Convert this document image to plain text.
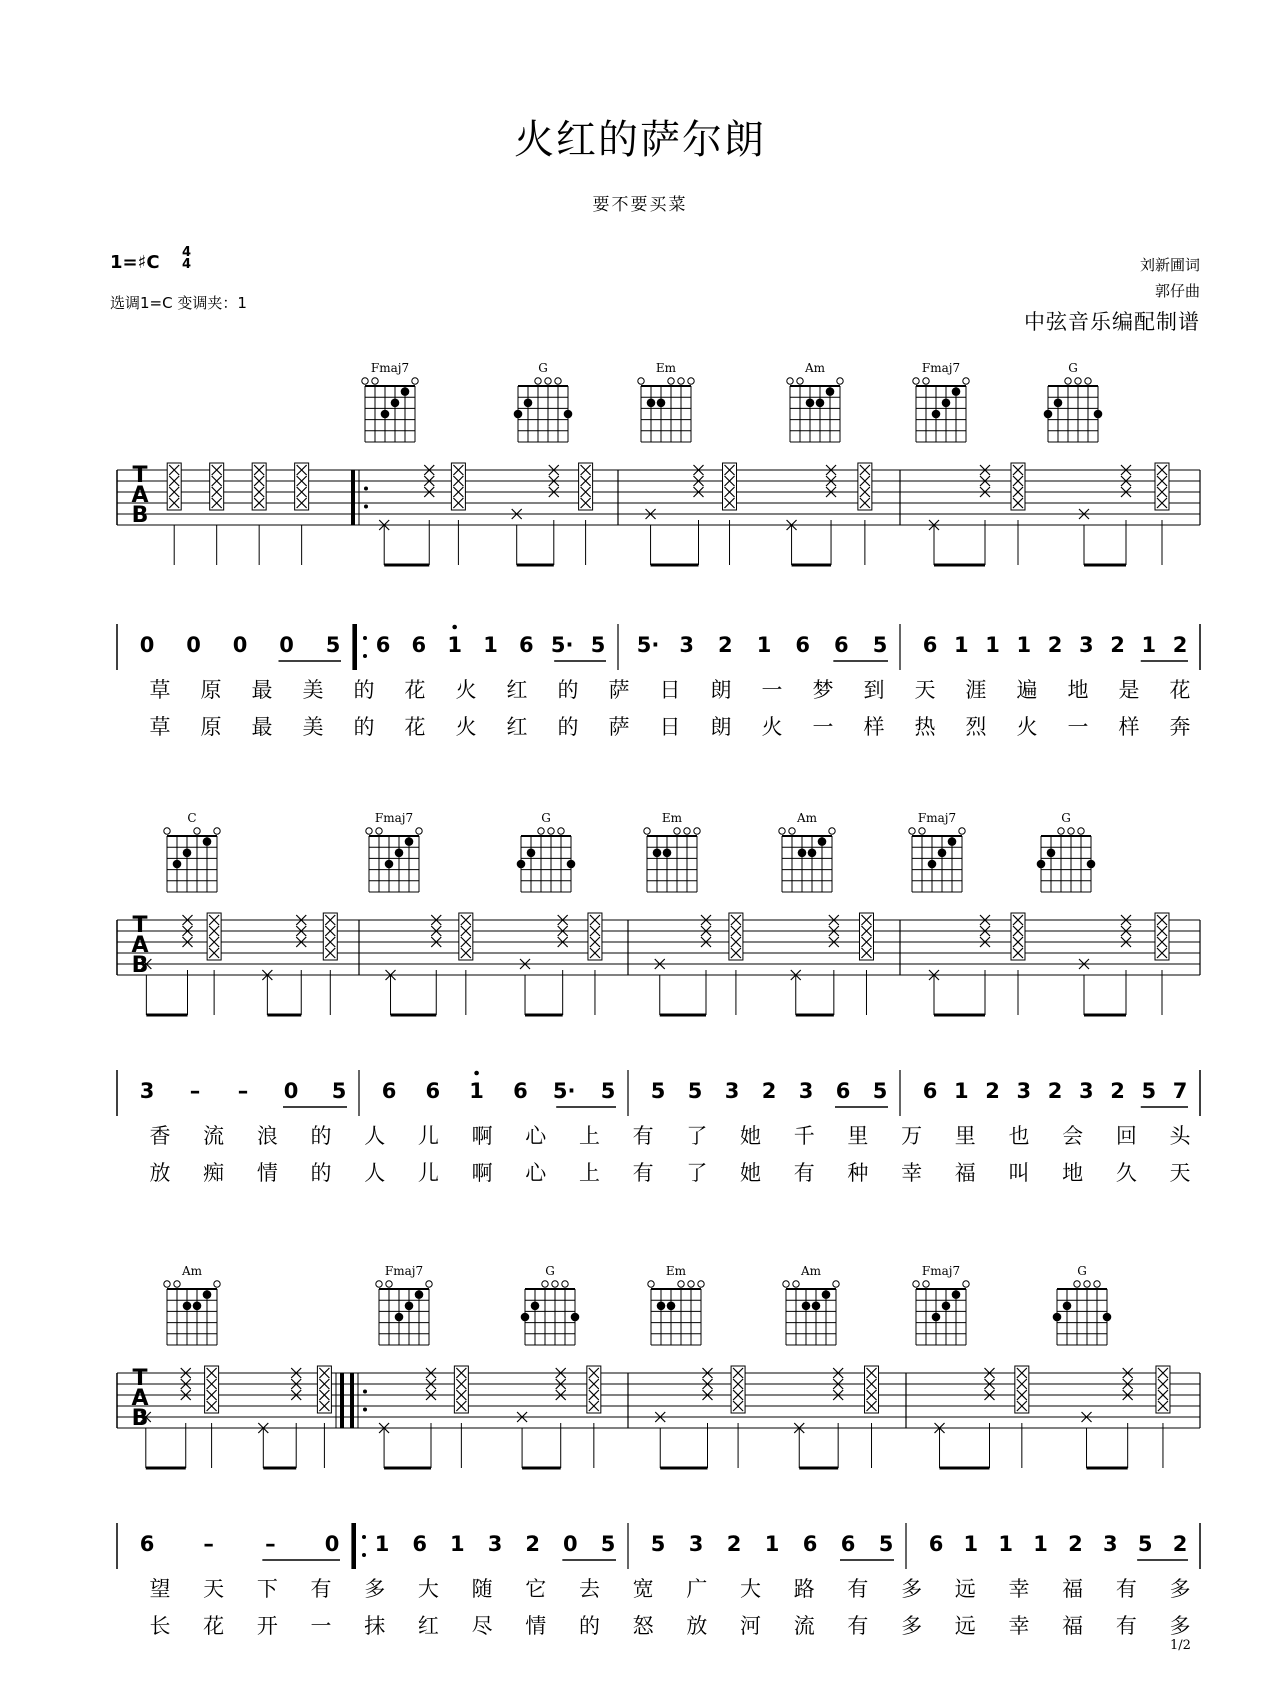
火红的萨尔朗
要不要买菜
1=♯C 4
4
选调1=C 变调夹：1
刘新圃词
郭仔曲
中弦音乐编配制谱
1/2
Fmaj7	G	Em	Am	Fmaj7	G
T
A
B
0 0 0 0 5 6 6 1 1 6 5· 5 5· 3 2 1 6 6 5 6 1 1 1 2 3 2 1 2
草 原 最 美 的 花 火 红 的 萨 日 朗 一 梦 到 天 涯 遍 地 是 花
草 原 最 美 的 花 火 红 的 萨 日 朗 火 一 样 热 烈 火 一 样 奔
C	Fmaj7	G	Em	Am	Fmaj7	G
T
A
B
3 – – 0 5 6 6 1 6 5· 5 5 5 3 2 3 6 5 6 1 2 3 2 3 2 5 7
香 流 浪 的 人 儿 啊 心 上 有 了 她 千 里 万 里 也 会 回 头
放 痴 情 的 人 儿 啊 心 上 有 了 她 有 种 幸 福 叫 地 久 天
Am	Fmaj7	G	Em	Am	Fmaj7	G
T
A
B
6 – – 0 1 6 1 3 2 0 5 5 3 2 1 6 6 5 6 1 1 1 2 3 5 2
望 天 下 有 多 大 随 它 去 宽 广 大 路 有 多 远 幸 福 有 多
长 花 开 一 抹 红 尽 情 的 怒 放 河 流 有 多 远 幸 福 有 多
